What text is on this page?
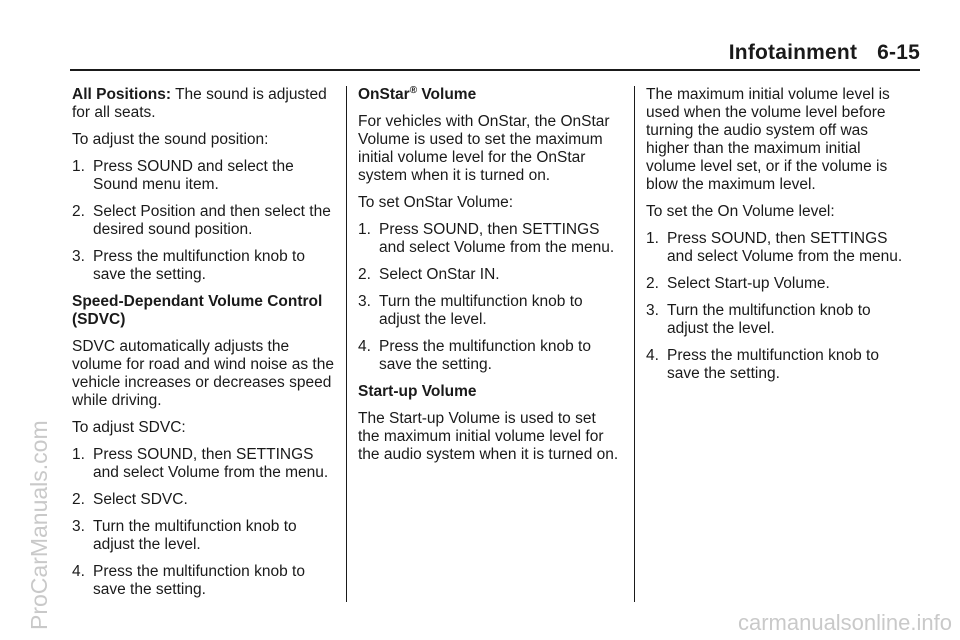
Infotainment 6-15

All Positions: The sound is adjusted for all seats.

To adjust the sound position:

1. Press SOUND and select the Sound menu item.
2. Select Position and then select the desired sound position.
3. Press the multifunction knob to save the setting.

Speed-Dependant Volume Control (SDVC)

SDVC automatically adjusts the volume for road and wind noise as the vehicle increases or decreases speed while driving.

To adjust SDVC:

1. Press SOUND, then SETTINGS and select Volume from the menu.
2. Select SDVC.
3. Turn the multifunction knob to adjust the level.
4. Press the multifunction knob to save the setting.

OnStar® Volume

For vehicles with OnStar, the OnStar Volume is used to set the maximum initial volume level for the OnStar system when it is turned on.

To set OnStar Volume:

1. Press SOUND, then SETTINGS and select Volume from the menu.
2. Select OnStar IN.
3. Turn the multifunction knob to adjust the level.
4. Press the multifunction knob to save the setting.

Start-up Volume

The Start-up Volume is used to set the maximum initial volume level for the audio system when it is turned on.

The maximum initial volume level is used when the volume level before turning the audio system off was higher than the maximum initial volume level set, or if the volume is blow the maximum level.

To set the On Volume level:

1. Press SOUND, then SETTINGS and select Volume from the menu.
2. Select Start-up Volume.
3. Turn the multifunction knob to adjust the level.
4. Press the multifunction knob to save the setting.
ProCarManuals.com	carmanualsonline.info
